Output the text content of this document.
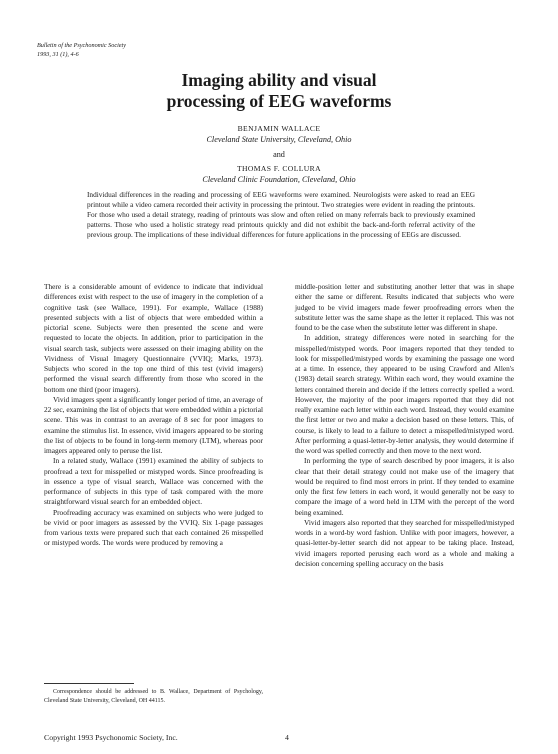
Bulletin of the Psychonomic Society
1993, 31 (1), 4-6
Imaging ability and visual
processing of EEG waveforms
BENJAMIN WALLACE
Cleveland State University, Cleveland, Ohio
and
THOMAS F. COLLURA
Cleveland Clinic Foundation, Cleveland, Ohio
Individual differences in the reading and processing of EEG waveforms were examined. Neurologists were asked to read an EEG printout while a video camera recorded their activity in processing the printout. Two strategies were evident in reading the printouts. For those who used a detail strategy, reading of printouts was slow and often relied on many referrals back to previously examined patterns. Those who used a holistic strategy read printouts quickly and did not exhibit the back-and-forth referral activity of the previous group. The implications of these individual differences for future applications in the processing of EEGs are discussed.

There is a considerable amount of evidence to indicate that individual differences exist with respect to the use of imagery in the completion of a cognitive task (see Wallace, 1991). For example, Wallace (1988) presented subjects with a list of objects that were embedded within a pictorial scene. Subjects were then presented the scene and were requested to locate the objects. In addition, prior to participation in the visual search task, subjects were assessed on their imaging ability on the Vividness of Visual Imagery Questionnaire (VVIQ; Marks, 1973). Subjects who scored in the top one third of this test (vivid imagers) performed the visual search differently from those who scored in the bottom one third (poor imagers).

Vivid imagers spent a significantly longer period of time, an average of 22 sec, examining the list of objects that were embedded within a pictorial scene. This was in contrast to an average of 8 sec for poor imagers to examine the stimulus list. In essence, vivid imagers appeared to be storing the list of objects to be found in long-term memory (LTM), whereas poor imagers appeared only to peruse the list.

In a related study, Wallace (1991) examined the ability of subjects to proofread a text for misspelled or mistyped words. Since proofreading is in essence a type of visual search, Wallace was concerned with the performance of subjects in this type of task compared with the more straightforward visual search for an embedded object.

Proofreading accuracy was examined on subjects who were judged to be vivid or poor imagers as assessed by the VVIQ. Six 1-page passages from various texts were prepared such that each contained 26 misspelled or mistyped words. The words were produced by removing a

middle-position letter and substituting another letter that was in shape either the same or different. Results indicated that subjects who were judged to be vivid imagers made fewer proofreading errors when the substitute letter was the same shape as the letter it replaced. This was not found to be the case when the substitute letter was different in shape.

In addition, strategy differences were noted in searching for the misspelled/mistyped words. Poor imagers reported that they tended to look for misspelled/mistyped words by examining the passage one word at a time. In essence, they appeared to be using Crawford and Allen's (1983) detail search strategy. Within each word, they would examine the letters contained therein and decide if the letters correctly spelled a word. However, the majority of the poor imagers reported that they did not really examine each letter within each word. Instead, they would examine the first letter or two and make a decision based on these letters. This, of course, is likely to lead to a failure to detect a misspelled/mistyped word. After performing a quasi-letter-by-letter analysis, they would determine if the word was spelled correctly and then move to the next word.

In performing the type of search described by poor imagers, it is also clear that their detail strategy could not make use of the imagery that would be required to find most errors in print. If they tended to examine only the first few letters in each word, it would generally not be easy to compare the image of a word held in LTM with the percept of the word being examined.

Vivid imagers also reported that they searched for misspelled/mistyped words in a word-by word fashion. Unlike with poor imagers, however, a quasi-letter-by-letter search did not appear to be taking place. Instead, vivid imagers reported perusing each word as a whole and making a decision concerning spelling accuracy on the basis

Correspondence should be addressed to B. Wallace, Department of Psychology, Cleveland State University, Cleveland, OH 44115.
Copyright 1993 Psychonomic Society, Inc.	4
